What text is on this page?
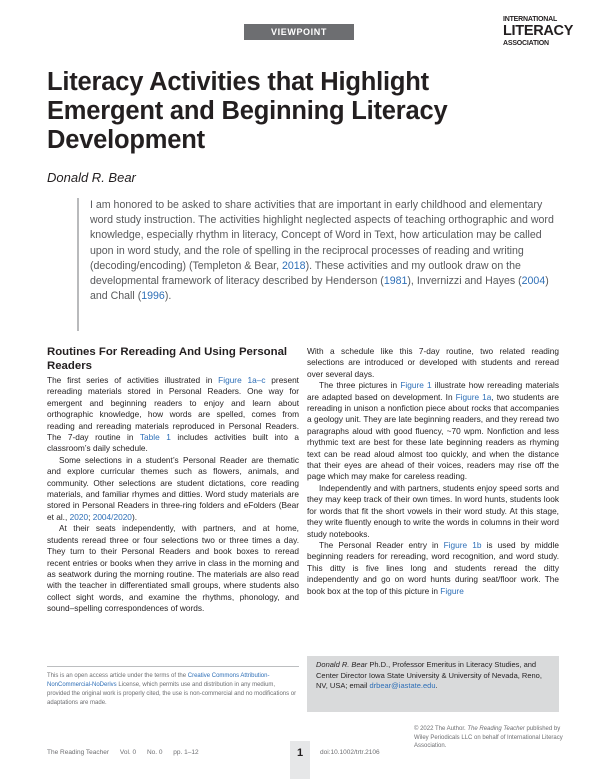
VIEWPOINT
INTERNATIONAL
LITERACY
ASSOCIATION
Literacy Activities that Highlight Emergent and Beginning Literacy Development
Donald R. Bear
I am honored to be asked to share activities that are important in early childhood and elementary word study instruction. The activities highlight neglected aspects of teaching orthographic and word knowledge, especially rhythm in literacy, Concept of Word in Text, how articulation may be called upon in word study, and the role of spelling in the reciprocal processes of reading and writing (decoding/encoding) (Templeton & Bear, 2018). These activities and my outlook draw on the developmental framework of literacy described by Henderson (1981), Invernizzi and Hayes (2004) and Chall (1996).
Routines For Rereading And Using Personal Readers

The first series of activities illustrated in Figure 1a–c present rereading materials stored in Personal Readers. One way for emergent and beginning readers to enjoy and learn about orthographic knowledge, how words are spelled, comes from reading and rereading materials reproduced in Personal Readers. The 7-day routine in Table 1 includes activities built into a classroom’s daily schedule.

Some selections in a student’s Personal Reader are thematic and explore curricular themes such as flowers, animals, and community. Other selections are student dictations, core reading materials, and familiar rhymes and ditties. Word study materials are stored in Personal Readers in three-ring folders and eFolders (Bear et al., 2020; 2004/2020).

At their seats independently, with partners, and at home, students reread three or four selections two or three times a day. They turn to their Personal Readers and book boxes to reread recent entries or books when they arrive in class in the morning and as seatwork during the morning routine. The materials are also read with the teacher in differentiated small groups, where students also collect sight words, and examine the rhythms, phonology, and sound–spelling correspondences of words.

With a schedule like this 7-day routine, two related reading selections are introduced or developed with students and reread over several days.

The three pictures in Figure 1 illustrate how rereading materials are adapted based on development. In Figure 1a, two students are rereading in unison a nonfiction piece about rocks that accompanies a geology unit. They are late beginning readers, and they reread two paragraphs aloud with good fluency, ~70 wpm. Nonfiction and less rhythmic text are best for these late beginning readers as rhyming text can be read aloud almost too quickly, and when the distance that their eyes are ahead of their voices, readers may rise off the page which may make for careless reading.

Independently and with partners, students enjoy speed sorts and they may keep track of their own times. In word hunts, students look for words that fit the short vowels in their word study. At this stage, they write fluently enough to write the words in columns in their word study notebooks.

The Personal Reader entry in Figure 1b is used by middle beginning readers for rereading, word recognition, and word study. This ditty is five lines long and students reread the ditty independently and go on word hunts during seat/floor work. The book box at the top of this picture in Figure

This is an open access article under the terms of the Creative Commons Attribution-NonCommercial-NoDerivs License, which permits use and distribution in any medium, provided the original work is properly cited, the use is non-commercial and no modifications or adaptations are made.
Donald R. Bear Ph.D., Professor Emeritus in Literacy Studies, and Center Director Iowa State University & University of Nevada, Reno, NV, USA; email drbear@iastate.edu.
© 2022 The Author. The Reading Teacher published by Wiley Periodicals LLC on behalf of International Literacy Association.
The Reading Teacher Vol. 0 No. 0 pp. 1–12	1	doi:10.1002/trtr.2106
